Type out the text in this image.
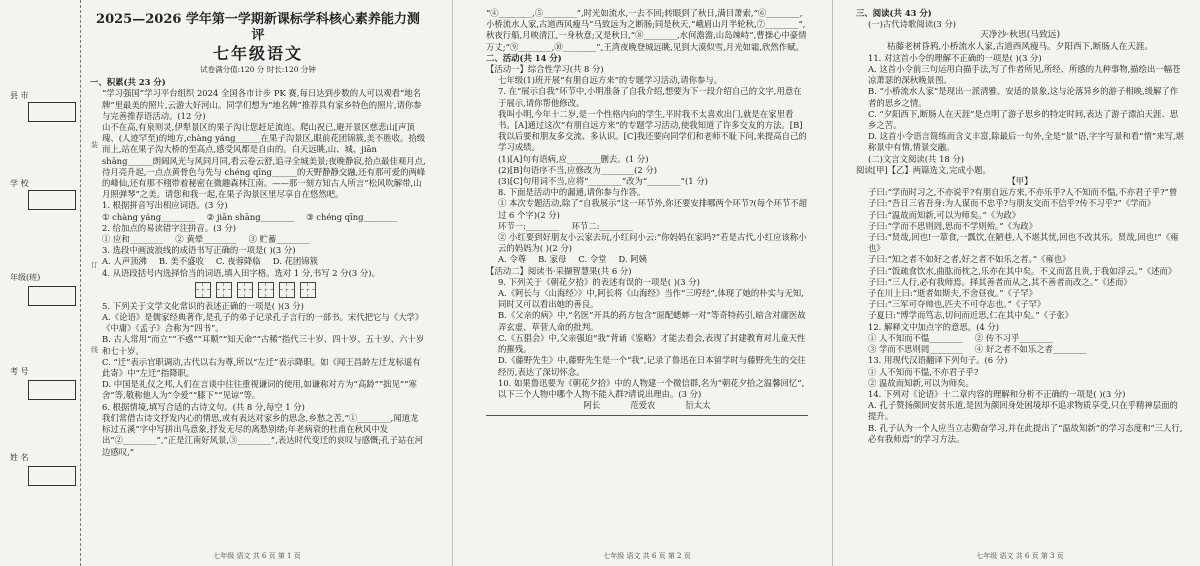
县 市
学 校
年级(班)
考 号
姓 名
装
订
线
2025—2026 学年第一学期新课标学科核心素养能力测评
七年级语文
试卷满分值:120 分 时长:120 分钟
一、积累(共 23 分)

“学习强国”学习平台组织 2024 全国各市计步 PK 赛,每日达到步数的人可以观看“地名牌”里最美的照片,云游大好河山。同学们想为“地名牌”推荐具有家乡特色的照片,请你参与完善推荐语活动。(12 分)

山不在高,有泉则灵,伊犁景区的果子沟让您赶足流连。爬山祝已,避开景区慈悲山[声顶瑰、(人迹罕至)的地方,chàng yáng______在果子沟景区,眼前花团锦簇,美不胜收。拾级而上,站在果子沟大桥的至高点,感受风都是自由的。白天远眺,山、城、jiān shāng______朗阔风光与风同月同,看云卷云舒,追寻全城美景;夜晚静寂,拾点最佳观月点,待月亮升起,一点点黄骨色与先与 chéng qīng______的天野静静交融,还有那可爱的两峰的峰仙,还有那不栩带着秘密在微趣森林江南。——那一刻方知古人所言“松风吹解带,山月照弹琴”之美。请您和我一起,在果子沟景区里尽享自在悠然吧。

1. 根据拼音写出相应词语。(3 分)
① chàng yáng________ ② jiān shāng________ ③ chéng qīng________
2. 给加点的易读错字注拼音。(3 分)
① 应和________ ② 黄晕________ ③ 贮蓄________
3. 选段中画波浪线的成语书写正确的一项是( )(3 分)
A. 人声顶沸 B. 美不盛收 C. 夜蓉降临 D. 花团锦簇
4. 从语段括号内选择恰当的词语,填入田字格。选对 1 分,书写 2 分(3 分)。
5. 下列关于文学文化常识的表述正确的一项是( )(3 分)
A.《论语》是儒家经典著作,是孔子的弟子记录孔子言行的一部书。宋代把它与《大学》《中庸》《孟子》合称为“四书”。
B. 古人常用“而立”“不惑”“耳顺”“知天命”“古稀”指代三十岁、四十岁、五十岁、六十岁和七十岁。
C. “迁”表示官职调动,古代以右为尊,所以“左迁”表示降职。如《闻王昌龄左迁龙标遥有此寄》中“左迁”指降职。
D. 中国是礼仪之邦,人们在言谈中往往重视谦词的使用,如谦称对方为“高龄”“拙见”“寒舍”等,敬称他人为“令爱”“膝下”“见谅”等。
6. 根据情境,填写合适的古诗文句。(共 8 分,每空 1 分)

我们常借古诗文抒发内心的情思,或有表达对家乡的思念,乡愁之苦,“①________,闻道龙标过五溪”字中写拼出鸟意象,抒发无尽的离愁别绪;年老病衰的杜甫在秋风中发出“②________”,“正是江南好风景,③________”,表达时代变迁的哀叹与感慨;孔子站在河边感叹,“

七年级 语文 共 6 页 第 1 页

“④________,⑤________”,时光如流水,一去不回;转眼到了秋日,满目萧索,“⑥________,小桥流水人家,古道西风瘦马”马致远为之断肠;同是秋天,“峨眉山月半轮秋,⑦________”,秋夜行船,月映清江,一身秋意;又是秋日,“⑧________,水何澹澹,山岛竦峙”,曹操心中豪情万丈;“⑨________,⑩________”,王湾夜晚登城远眺,见到大漠似雪,月光如霜,欣然作赋。

二、活动(共 14 分)
【活动一】综合性学习(共 8 分)
七年级(1)班开展“有朋自远方来”的专题学习活动,请你参与。
7. 在“展示自我”环节中,小明准备了自我介绍,想要为下一段介绍自己的文字,用意在于展示,请你帮他修改。

我叫小明,今年十二岁,是一个性格内向的学生,平时我不太喜欢出门,就是在家里看书。[A]通过这次“有朋自远方来”的专题学习活动,使我知道了许多交友的方法。[B]我以后要和朋友多交流、多认识。[C]我还要向同学们和老师不耻下问,来提高自己的学习成绩。

(1)[A]句有语病,应________删去。(1 分)
(2)[B]句语序不当,应修改为________(2 分)
(3)[C]句用词不当,应将“________”改为“________”(1 分)
8. 下面是活动中的漏通,请你参与作答。
① 本次专题活动,除了“自我展示”这一环节外,你还要安排哪两个环节?(每个环节不超过 6 个字)(2 分)
环节一:________ 环节二:________
② 小红要到好朋友小云家去玩,小红问小云:“你妈妈在家吗?”若是古代,小红应该称小云的妈妈为( )(2 分)
A. 令尊 B. 家母 C. 令堂 D. 阿姨
【活动二】阅读书·采撷智慧果(共 6 分)
9. 下列关于《朝花夕拾》的表述有误的一项是( )(3 分)
A.《阿长与〈山海经〉》中,阿长将《山海经》当作“三哼经”,体现了她的朴实与无知,同时又可以看出她的善良。
B.《父亲的病》中,“名医”开具的药方包含“原配蟋蟀一对”等奇特药引,暗含对庸医故弄玄虚、草菅人命的批判。
C.《五猖会》中,父亲强迫“我”背诵《鉴略》才能去看会,表现了封建教育对儿童天性的摧残。
D.《藤野先生》中,藤野先生是一个“我”,记录了鲁迅在日本留学时与藤野先生的交往经历,表达了深切怀念。
10. 如果鲁迅要为《朝花夕拾》中的人物建一个微信群,名为“朝花夕拾之温馨回忆”,以下三个人物中哪个人物不能入群?请说出理由。(3 分)
阿长	范爱农	衍太太
七年级 语文 共 6 页 第 2 页
三、阅读(共 43 分)
(一)古代诗歌阅读(3 分)
天净沙·秋思(马致远)
枯藤老树昏鸦,小桥流水人家,古道西风瘦马。夕阳西下,断肠人在天涯。
11. 对这首小令的理解不正确的一项是( )(3 分)
A. 这首小令前三句运用白描手法,写了作者所见,所经、所感的九种事物,描绘出一幅苍凉萧瑟的深秋晚景图。
B. “小桥流水人家”是现出一派清雅、安适的景象,这与沦落异乡的游子相映,缓解了作者的思乡之情。
C. “夕阳西下,断肠人在天涯”是点明了游子思乡的特定时间,表达了游子漂泊天涯、思乡之苦。
D. 这首小令语言简练而含义丰富,除最后一句外,全是“景”语,字字写景和看“情”来写,堪称景中有情,情景交融。
(二)文言文阅读(共 18 分)
阅读[甲]【乙】两篇选文,完成小题。
【甲】
子曰:“学而时习之,不亦说乎?有朋自远方来,不亦乐乎?人不知而不愠,不亦君子乎?”曾子曰:“吾日三省吾身:为人谋而不忠乎?与朋友交而不信乎?传不习乎?”《学而》
子曰:“温故而知新,可以为师矣。”《为政》
子曰:“学而不思则罔,思而不学则殆。”《为政》
子曰:“贤哉,回也!一箪食,一瓢饮,在陋巷,人不堪其忧,回也不改其乐。贤哉,回也!”《雍也》
子曰:“知之者不如好之者,好之者不如乐之者。”《雍也》
子曰:“饭疏食饮水,曲肱而枕之,乐亦在其中矣。不义而富且贵,于我如浮云。”《述而》
子曰:“三人行,必有我师焉。择其善者而从之,其不善者而改之。”《述而》
子在川上曰:“逝者如斯夫,不舍昼夜。”《子罕》
子曰:“三军可夺帅也,匹夫不可夺志也。”《子罕》
子夏曰:“博学而笃志,切问而近思,仁在其中矣。”《子张》
12. 解释文中加点字的意思。(4 分)
① 人不知而不愠________ ② 传不习乎________
③ 学而不思则罔________ ④ 好之者不如乐之者________
13. 用现代汉语翻译下列句子。(6 分)
① 人不知而不愠,不亦君子乎?
② 温故而知新,可以为师矣。
14. 下列对《论语》十二章内容的理解和分析不正确的一项是( )(3 分)
A. 孔子赞扬颜回安贫乐道,是因为颜回身处困境却不追求物质享受,只在乎精神层面的提升。
B. 孔子认为一个人应当立志勤奋学习,并在此提出了“温故知新”的学习态度和“三人行,必有我师焉”的学习方法。
七年级 语文 共 6 页 第 3 页
